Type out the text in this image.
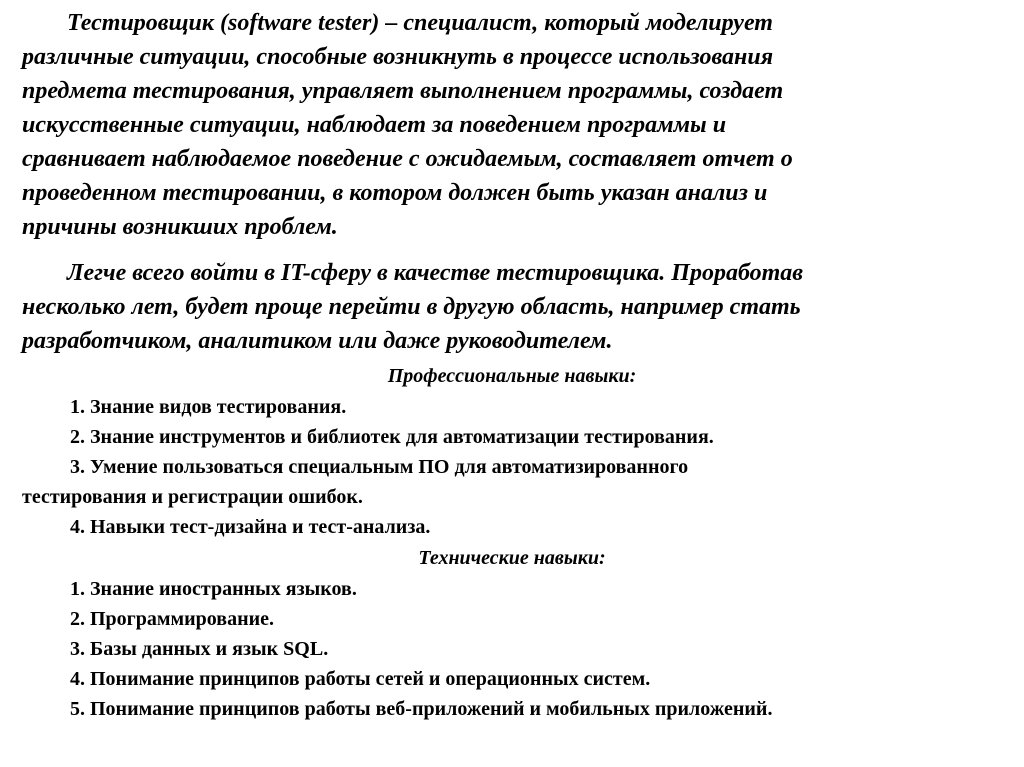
Тестировщик (software tester) – специалист, который моделирует
различные ситуации, способные возникнуть в процессе использования
предмета тестирования, управляет выполнением программы, создает
искусственные ситуации, наблюдает за поведением программы и
сравнивает наблюдаемое поведение с ожидаемым, составляет отчет о
проведенном тестировании, в котором должен быть указан анализ и
причины возникших проблем.

Легче всего войти в IT-сферу в качестве тестировщика. Проработав
несколько лет, будет проще перейти в другую область, например стать
разработчиком, аналитиком или даже руководителем.

Профессиональные навыки:
1. Знание видов тестирования.
2. Знание инструментов и библиотек для автоматизации тестирования.
3. Умение пользоваться специальным ПО для автоматизированного
тестирования и регистрации ошибок.
4. Навыки тест-дизайна и тест-анализа.
Технические навыки:
1. Знание иностранных языков.
2. Программирование.
3. Базы данных и язык SQL.
4. Понимание принципов работы сетей и операционных систем.
5. Понимание принципов работы веб-приложений и мобильных приложений.
